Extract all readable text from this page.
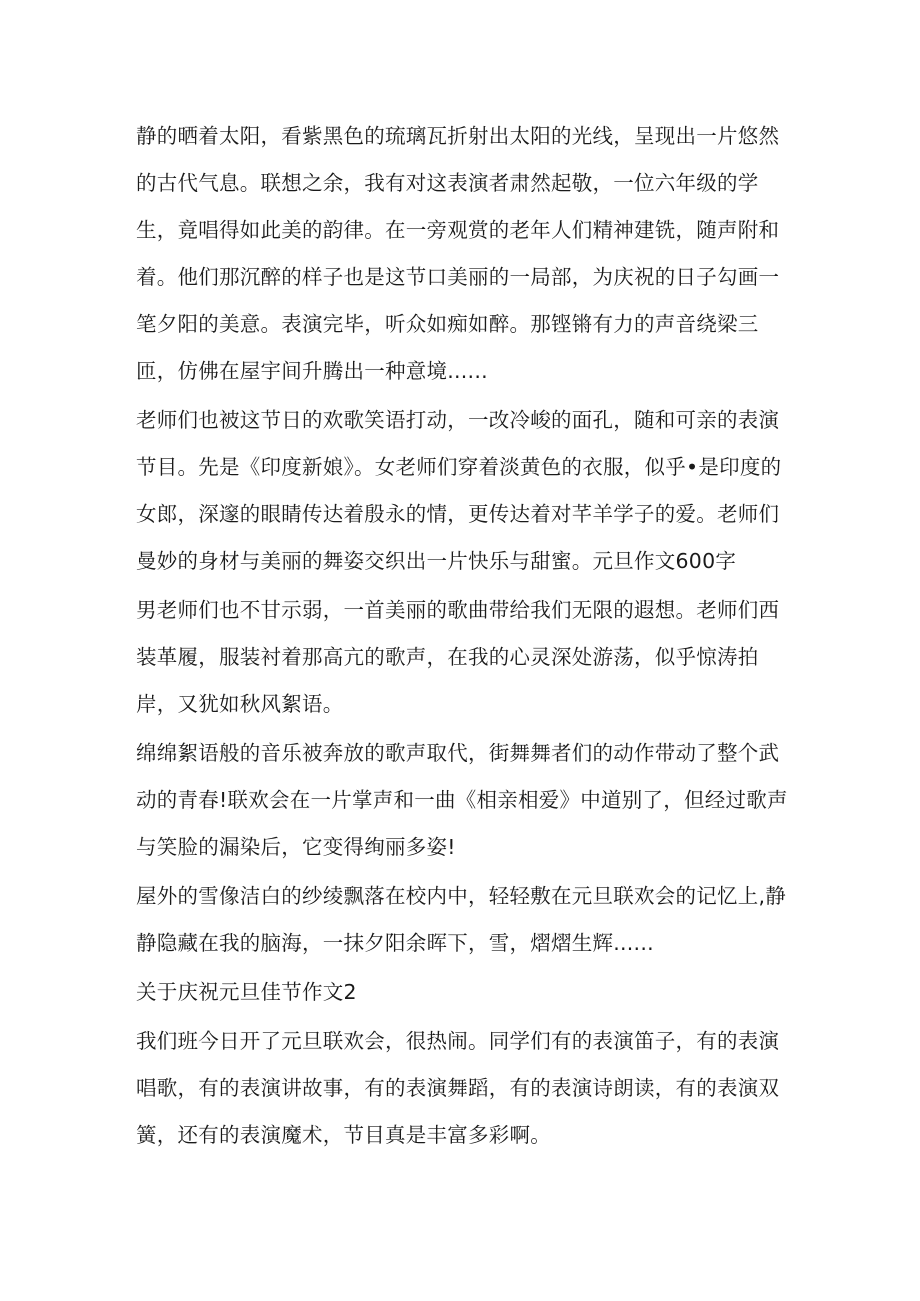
静的晒着太阳，看紫黑色的琉璃瓦折射出太阳的光线，呈现出一片悠然的古代气息。联想之余，我有对这表演者肃然起敬，一位六年级的学生，竟唱得如此美的韵律。在一旁观赏的老年人们精神建铣，随声附和着。他们那沉醉的样子也是这节口美丽的一局部，为庆祝的日子勾画一笔夕阳的美意。表演完毕，听众如痴如醉。那铿锵有力的声音绕梁三匝，仿佛在屋宇间升腾出一种意境......

老师们也被这节日的欢歌笑语打动，一改冷峻的面孔，随和可亲的表演节目。先是《印度新娘》。女老师们穿着淡黄色的衣服，似乎•是印度的女郎，深邃的眼睛传达着殷永的情，更传达着对芊羊学子的爱。老师们曼妙的身材与美丽的舞姿交织出一片快乐与甜蜜。元旦作文600字

男老师们也不甘示弱，一首美丽的歌曲带给我们无限的遐想。老师们西装革履，服装衬着那高亢的歌声，在我的心灵深处游荡，似乎惊涛拍岸，又犹如秋风絮语。

绵绵絮语般的音乐被奔放的歌声取代，街舞舞者们的动作带动了整个武动的青春!联欢会在一片掌声和一曲《相亲相爱》中道别了，但经过歌声与笑脸的漏染后，它变得绚丽多姿!

屋外的雪像洁白的纱绫飘落在校内中，轻轻敷在元旦联欢会的记忆上,静静隐藏在我的脑海，一抹夕阳余晖下，雪，熠熠生辉......

关于庆祝元旦佳节作文2

我们班今日开了元旦联欢会，很热闹。同学们有的表演笛子，有的表演唱歌，有的表演讲故事，有的表演舞蹈，有的表演诗朗读，有的表演双簧，还有的表演魔术，节目真是丰富多彩啊。
